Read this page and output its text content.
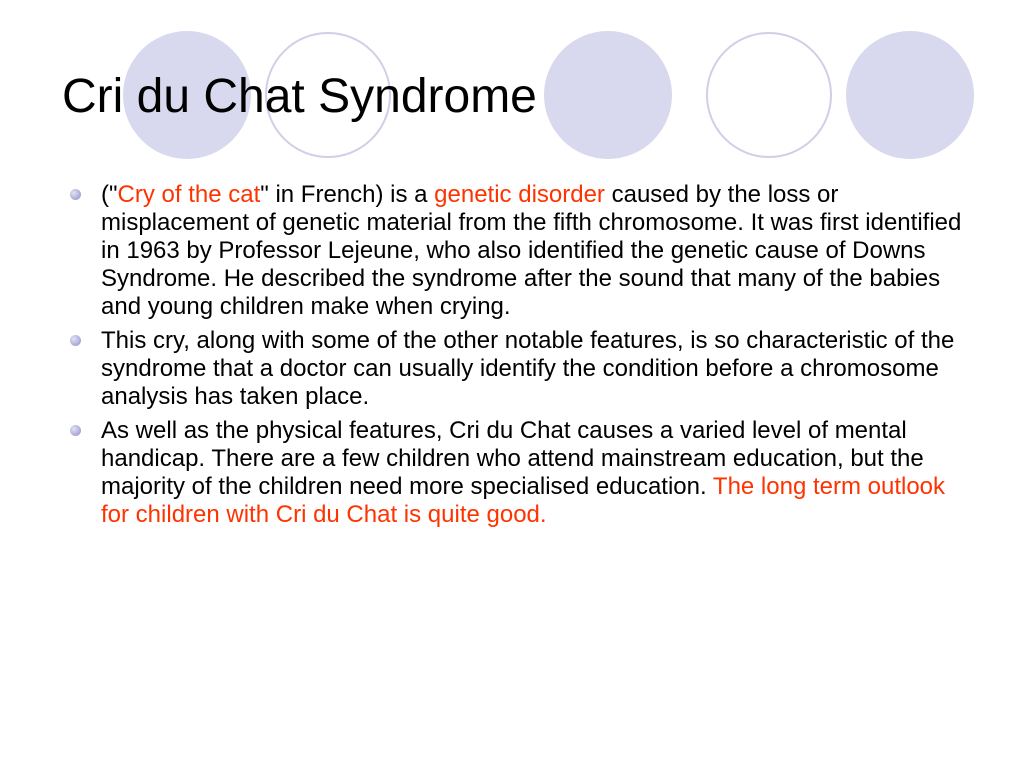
Cri du Chat Syndrome
("Cry of the cat" in French) is a genetic disorder caused by the loss or misplacement of genetic material from the fifth chromosome. It was first identified in 1963 by Professor Lejeune, who also identified the genetic cause of Downs Syndrome. He described the syndrome after the sound that many of the babies and young children make when crying.
This cry, along with some of the other notable features, is so characteristic of the syndrome that a doctor can usually identify the condition before a chromosome analysis has taken place.
As well as the physical features, Cri du Chat causes a varied level of mental handicap. There are a few children who attend mainstream education, but the majority of the children need more specialised education. The long term outlook for children with Cri du Chat is quite good.
